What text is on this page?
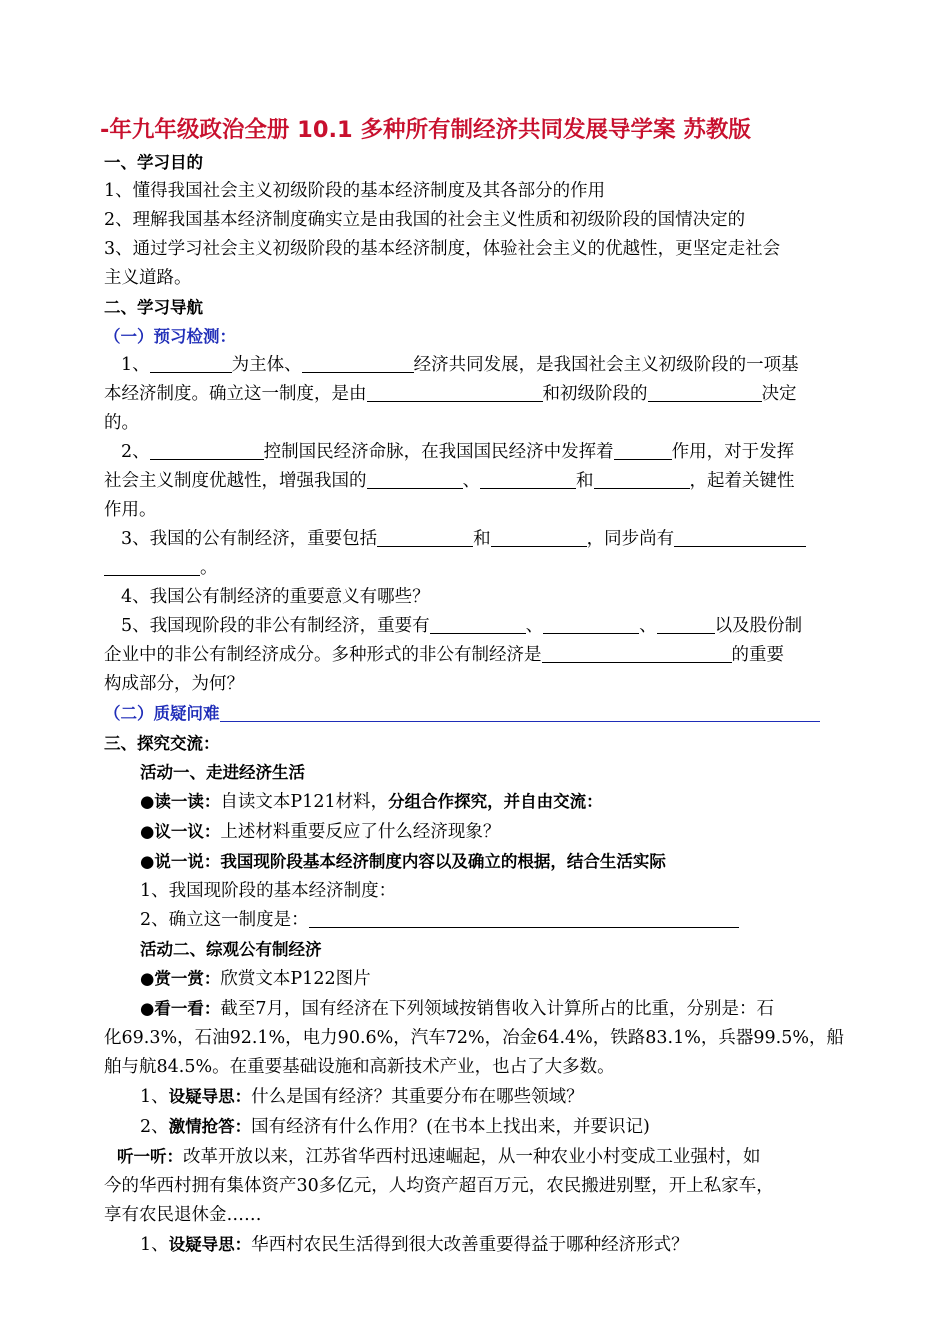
-年九年级政治全册 10.1 多种所有制经济共同发展导学案 苏教版
一、学习目的
1、懂得我国社会主义初级阶段的基本经济制度及其各部分的作用
2、理解我国基本经济制度确实立是由我国的社会主义性质和初级阶段的国情决定的
3、通过学习社会主义初级阶段的基本经济制度，体验社会主义的优越性，更坚定走社会
主义道路。
二、学习导航
（一）预习检测：
1、	为主体、	经济共同发展，是我国社会主义初级阶段的一项基
本经济制度。确立这一制度，是由	和初级阶段的	决定
的。
2、	控制国民经济命脉，在我国国民经济中发挥着	作用，对于发挥
社会主义制度优越性，增强我国的	、	和	，起着关键性
作用。
3、我国的公有制经济，重要包括	和	，同步尚有
。
4、我国公有制经济的重要意义有哪些？
5、我国现阶段的非公有制经济，重要有	、	、	以及股份制
企业中的非公有制经济成分。多种形式的非公有制经济是	的重要
构成部分，为何？
（二）质疑问难
三、探究交流：
活动一、走进经济生活
●读一读：自读文本P121材料，分组合作探究，并自由交流：
●议一议：上述材料重要反应了什么经济现象？
●说一说：我国现阶段基本经济制度内容以及确立的根据，结合生活实际
1、我国现阶段的基本经济制度：
2、确立这一制度是：
活动二、综观公有制经济
●赏一赏：欣赏文本P122图片
●看一看：截至7月，国有经济在下列领域按销售收入计算所占的比重，分别是：石
化69.3%，石油92.1%，电力90.6%，汽车72%，冶金64.4%，铁路83.1%，兵器99.5%，船
舶与航84.5%。在重要基础设施和高新技术产业，也占了大多数。
1、设疑导思：什么是国有经济？其重要分布在哪些领域？
2、激情抢答：国有经济有什么作用？(在书本上找出来，并要识记)
听一听：改革开放以来，江苏省华西村迅速崛起，从一种农业小村变成工业强村，如
今的华西村拥有集体资产30多亿元，人均资产超百万元，农民搬进别墅，开上私家车，
享有农民退休金……
1、设疑导思：华西村农民生活得到很大改善重要得益于哪种经济形式？
